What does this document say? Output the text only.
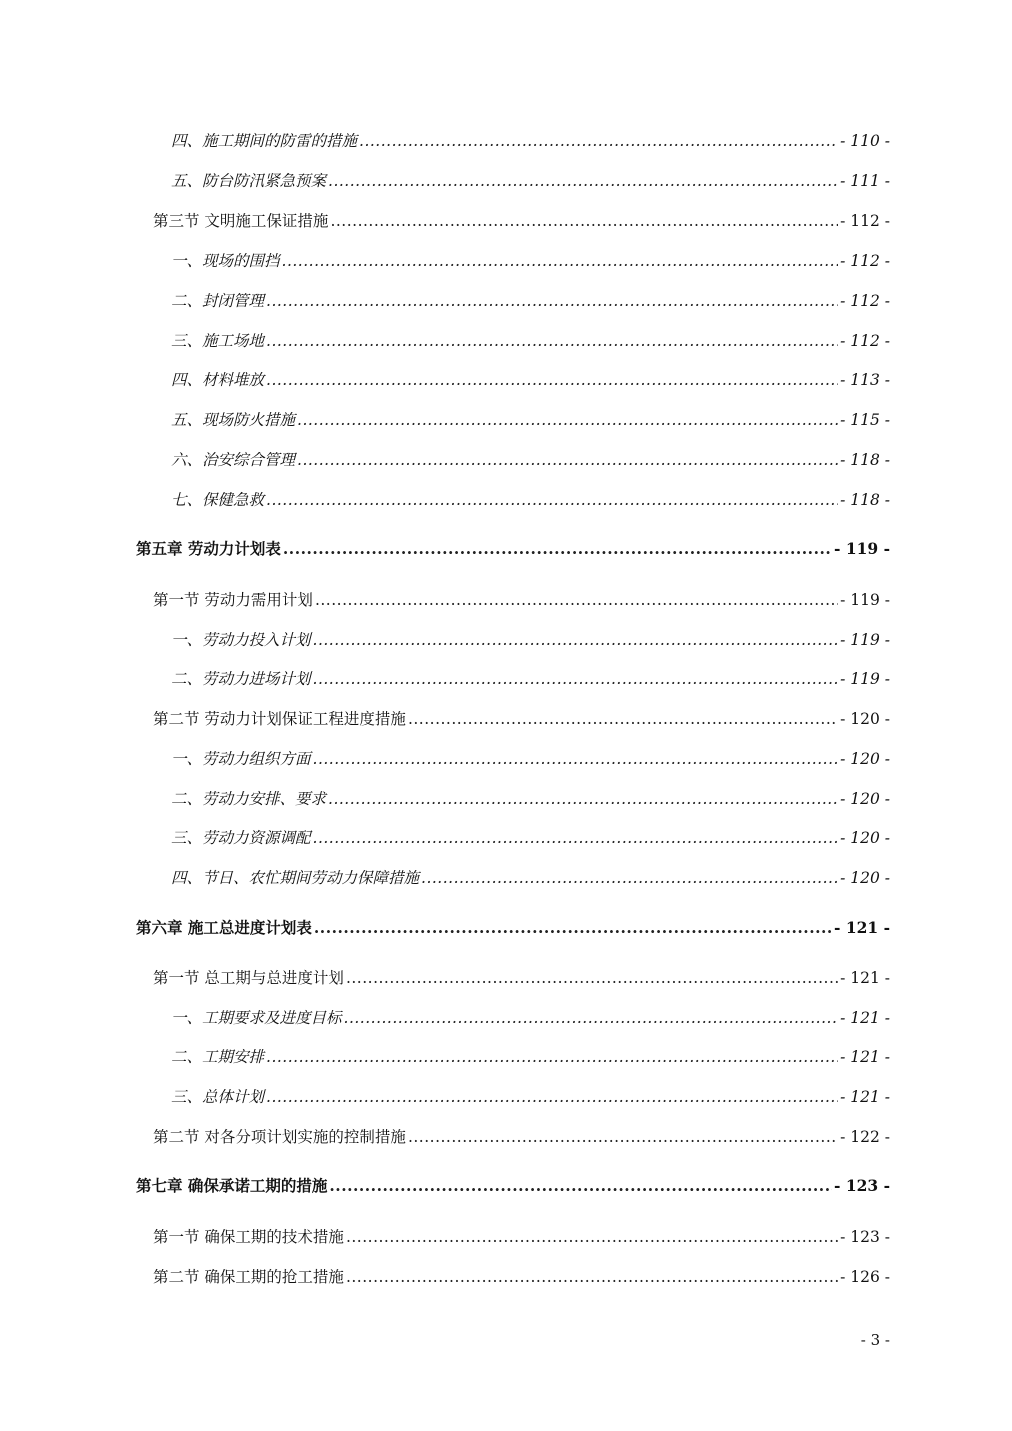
四、施工期间的防雷的措施 .....	- 110 -
五、防台防汛紧急预案 .....	- 111 -
第三节 文明施工保证措施 .....	- 112 -
一、现场的围挡 .....	- 112 -
二、封闭管理 .....	- 112 -
三、施工场地 .....	- 112 -
四、材料堆放 .....	- 113 -
五、现场防火措施 .....	- 115 -
六、治安综合管理 .....	- 118 -
七、保健急救 .....	- 118 -
第五章 劳动力计划表 .....	- 119 -
第一节 劳动力需用计划 .....	- 119 -
一、劳动力投入计划 .....	- 119 -
二、劳动力进场计划 .....	- 119 -
第二节 劳动力计划保证工程进度措施 .....	- 120 -
一、劳动力组织方面 .....	- 120 -
二、劳动力安排、要求 .....	- 120 -
三、劳动力资源调配 .....	- 120 -
四、节日、农忙期间劳动力保障措施 .....	- 120 -
第六章 施工总进度计划表 .....	- 121 -
第一节 总工期与总进度计划 .....	- 121 -
一、工期要求及进度目标 .....	- 121 -
二、工期安排 .....	- 121 -
三、总体计划 .....	- 121 -
第二节 对各分项计划实施的控制措施 .....	- 122 -
第七章 确保承诺工期的措施 .....	- 123 -
第一节 确保工期的技术措施 .....	- 123 -
第二节 确保工期的抢工措施 .....	- 126 -
- 3 -
